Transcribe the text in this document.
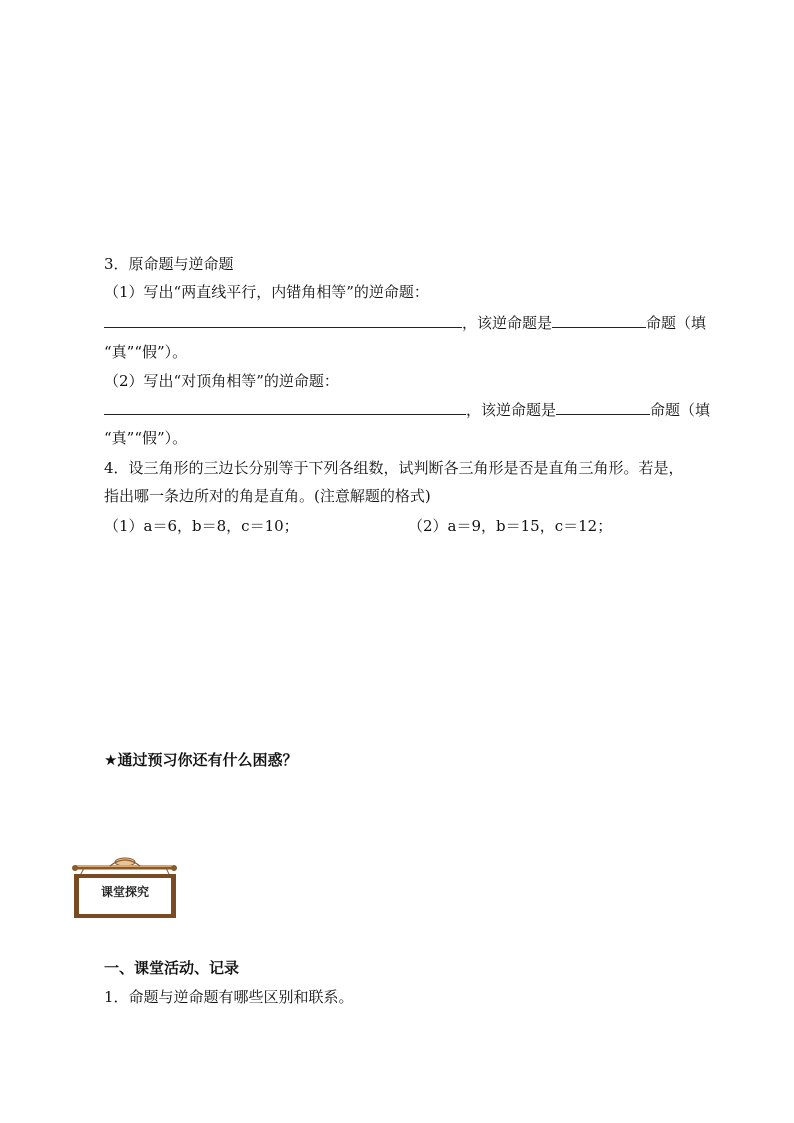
3．原命题与逆命题
（1）写出“两直线平行，内错角相等”的逆命题：
，该逆命题是	命题（填
“真”“假”）。
（2）写出“对顶角相等”的逆命题：
，该逆命题是	命题（填
“真”“假”）。
4．设三角形的三边长分别等于下列各组数，试判断各三角形是否是直角三角形。若是，
指出哪一条边所对的角是直角。(注意解题的格式)
（1）a＝6，b＝8，c＝10；	（2）a＝9，b＝15，c＝12；
★通过预习你还有什么困惑？
课堂探究
一、课堂活动、记录
1．命题与逆命题有哪些区别和联系。
